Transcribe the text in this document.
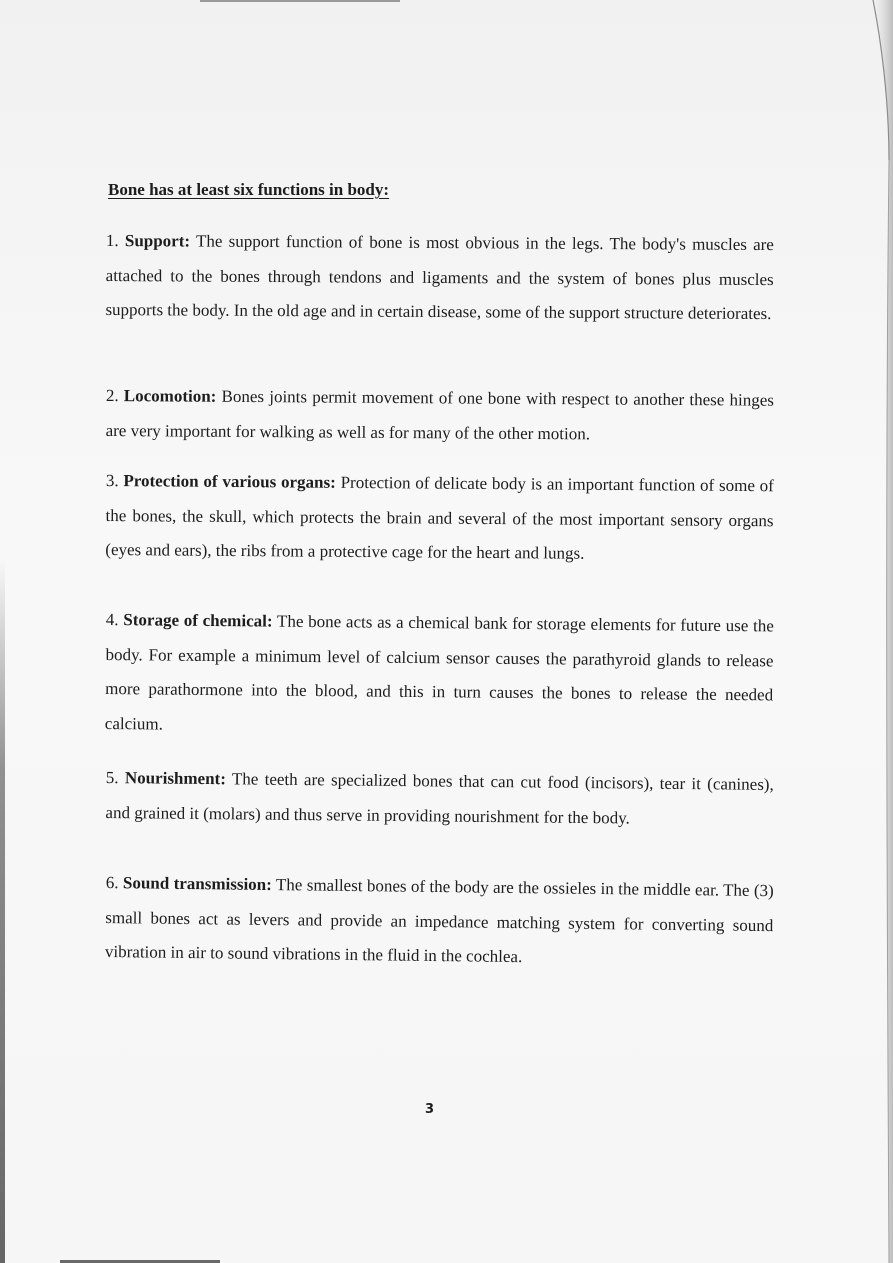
Bone has at least six functions in body:

1. Support: The support function of bone is most obvious in the legs. The body's muscles are attached to the bones through tendons and ligaments and the system of bones plus muscles supports the body. In the old age and in certain disease, some of the support structure deteriorates.

2. Locomotion: Bones joints permit movement of one bone with respect to another these hinges are very important for walking as well as for many of the other motion.

3. Protection of various organs: Protection of delicate body is an important function of some of the bones, the skull, which protects the brain and several of the most important sensory organs (eyes and ears), the ribs from a protective cage for the heart and lungs.

4. Storage of chemical: The bone acts as a chemical bank for storage elements for future use the body. For example a minimum level of calcium sensor causes the parathyroid glands to release more parathormone into the blood, and this in turn causes the bones to release the needed calcium.

5. Nourishment: The teeth are specialized bones that can cut food (incisors), tear it (canines), and grained it (molars) and thus serve in providing nourishment for the body.

6. Sound transmission: The smallest bones of the body are the ossieles in the middle ear. The (3) small bones act as levers and provide an impedance matching system for converting sound vibration in air to sound vibrations in the fluid in the cochlea.

3
